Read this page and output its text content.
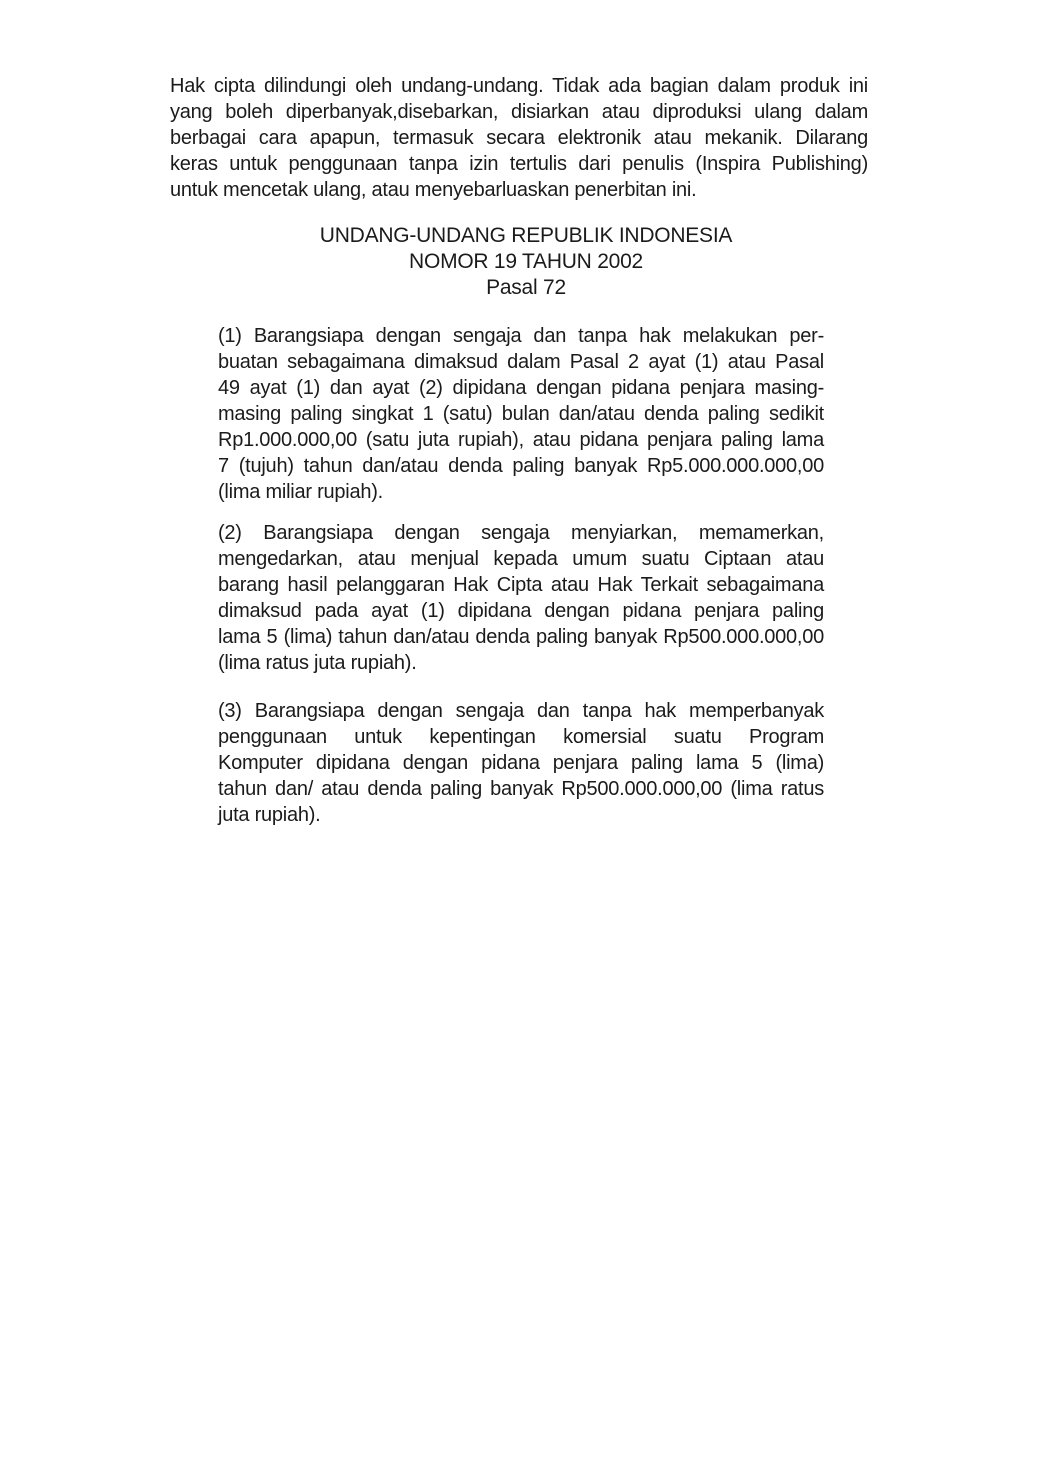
Hak cipta dilindungi oleh undang-undang. Tidak ada bagian dalam produk ini
yang boleh diperbanyak,disebarkan, disiarkan atau diproduksi ulang dalam
berbagai cara apapun, termasuk secara elektronik atau mekanik. Dilarang
keras untuk penggunaan tanpa izin tertulis dari penulis (Inspira Publishing)
untuk mencetak ulang, atau menyebarluaskan penerbitan ini.
UNDANG-UNDANG REPUBLIK INDONESIA
NOMOR 19 TAHUN 2002
Pasal 72
(1) Barangsiapa dengan sengaja dan tanpa hak melakukan per-
buatan sebagaimana dimaksud dalam Pasal 2 ayat (1) atau Pasal
49 ayat (1) dan ayat (2) dipidana dengan pidana penjara masing-
masing paling singkat 1 (satu) bulan dan/atau denda paling sedikit
Rp1.000.000,00 (satu juta rupiah), atau pidana penjara paling lama
7 (tujuh) tahun dan/atau denda paling banyak Rp5.000.000.000,00
(lima miliar rupiah).
(2) Barangsiapa dengan sengaja menyiarkan, memamerkan,
mengedarkan, atau menjual kepada umum suatu Ciptaan atau
barang hasil pelanggaran Hak Cipta atau Hak Terkait sebagaimana
dimaksud pada ayat (1) dipidana dengan pidana penjara paling
lama 5 (lima) tahun dan/atau denda paling banyak Rp500.000.000,00
(lima ratus juta rupiah).
(3) Barangsiapa dengan sengaja dan tanpa hak memperbanyak
penggunaan untuk kepentingan komersial suatu Program
Komputer dipidana dengan pidana penjara paling lama 5 (lima)
tahun dan/ atau denda paling banyak Rp500.000.000,00 (lima ratus
juta rupiah).
